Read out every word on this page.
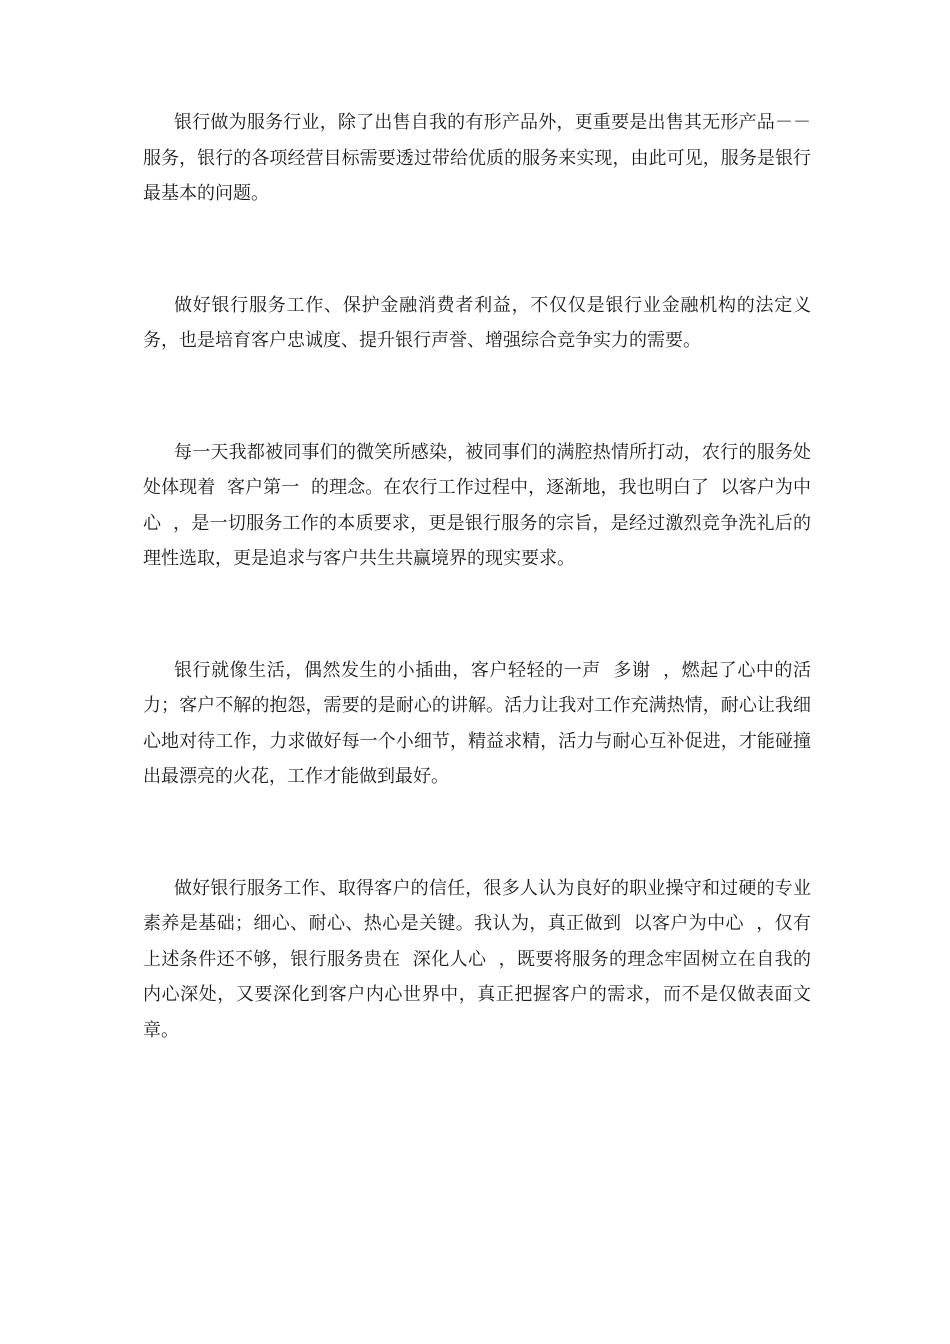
银行做为服务行业，除了出售自我的有形产品外，更重要是出售其无形产品－－服务，银行的各项经营目标需要透过带给优质的服务来实现，由此可见，服务是银行最基本的问题。

做好银行服务工作、保护金融消费者利益，不仅仅是银行业金融机构的法定义务，也是培育客户忠诚度、提升银行声誉、增强综合竞争实力的需要。

每一天我都被同事们的微笑所感染，被同事们的满腔热情所打动，农行的服务处处体现着  客户第一  的理念。在农行工作过程中，逐渐地，我也明白了  以客户为中心  ，是一切服务工作的本质要求，更是银行服务的宗旨，是经过激烈竞争洗礼后的理性选取，更是追求与客户共生共赢境界的现实要求。

银行就像生活，偶然发生的小插曲，客户轻轻的一声  多谢  ，燃起了心中的活力；客户不解的抱怨，需要的是耐心的讲解。活力让我对工作充满热情，耐心让我细心地对待工作，力求做好每一个小细节，精益求精，活力与耐心互补促进，才能碰撞出最漂亮的火花，工作才能做到最好。

做好银行服务工作、取得客户的信任，很多人认为良好的职业操守和过硬的专业素养是基础；细心、耐心、热心是关键。我认为，真正做到  以客户为中心  ，仅有上述条件还不够，银行服务贵在  深化人心  ，既要将服务的理念牢固树立在自我的内心深处，又要深化到客户内心世界中，真正把握客户的需求，而不是仅做表面文章。
